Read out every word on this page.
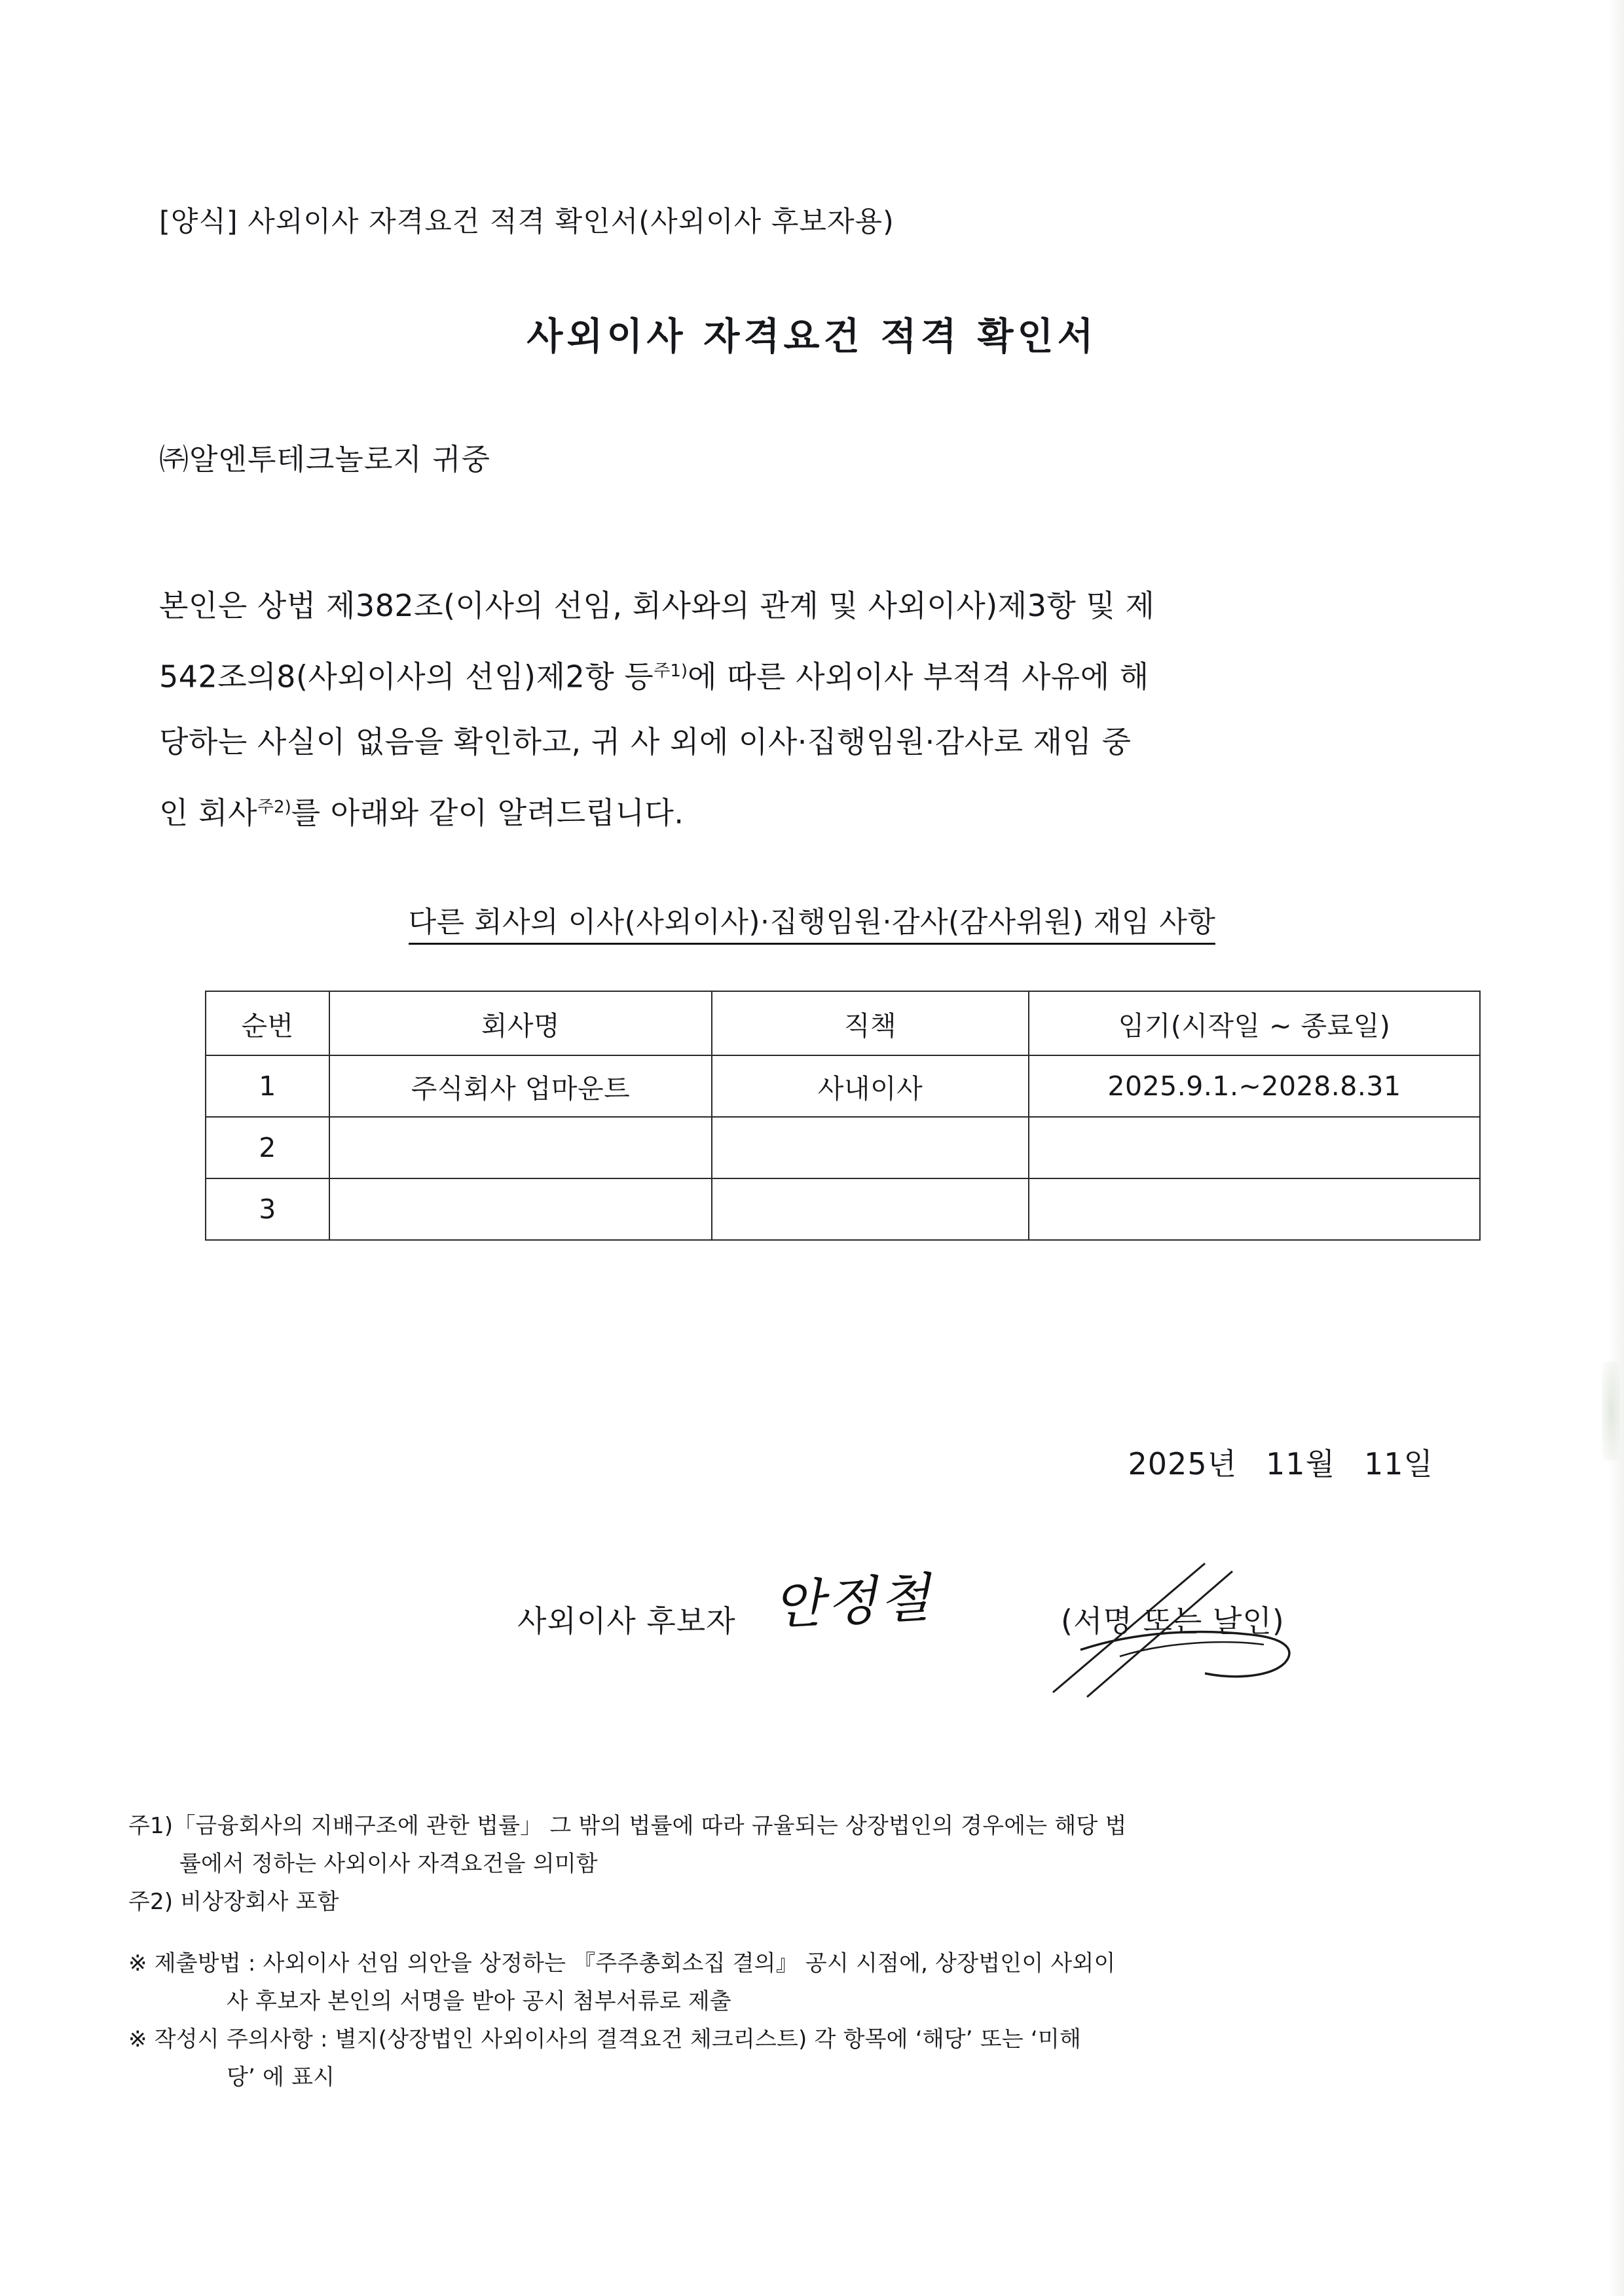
[양식] 사외이사 자격요건 적격 확인서(사외이사 후보자용)
사외이사 자격요건 적격 확인서
㈜알엔투테크놀로지 귀중
본인은 상법 제382조(이사의 선임, 회사와의 관계 및 사외이사)제3항 및 제
542조의8(사외이사의 선임)제2항 등$^{주1)}$에 따른 사외이사 부적격 사유에 해
당하는 사실이 없음을 확인하고, 귀 사 외에 이사·집행임원·감사로 재임 중
인 회사$^{주2)}$를 아래와 같이 알려드립니다.
다른 회사의 이사(사외이사)·집행임원·감사(감사위원) 재임 사항
순번	회사명	직책	임기(시작일 ~ 종료일)
1	주식회사 업마운트	사내이사	2025.9.1.~2028.8.31
2			
3			
2025년 11월 11일
사외이사 후보자 안정철	(서명 또는 날인)
주1)「금융회사의 지배구조에 관한 법률」 그 밖의 법률에 따라 규율되는 상장법인의 경우에는 해당 법
률에서 정하는 사외이사 자격요건을 의미함
주2) 비상장회사 포함
※ 제출방법 : 사외이사 선임 의안을 상정하는 『주주총회소집 결의』 공시 시점에, 상장법인이 사외이
사 후보자 본인의 서명을 받아 공시 첨부서류로 제출
※ 작성시 주의사항 : 별지(상장법인 사외이사의 결격요건 체크리스트) 각 항목에 ‘해당’ 또는 ‘미해
당’ 에 표시
